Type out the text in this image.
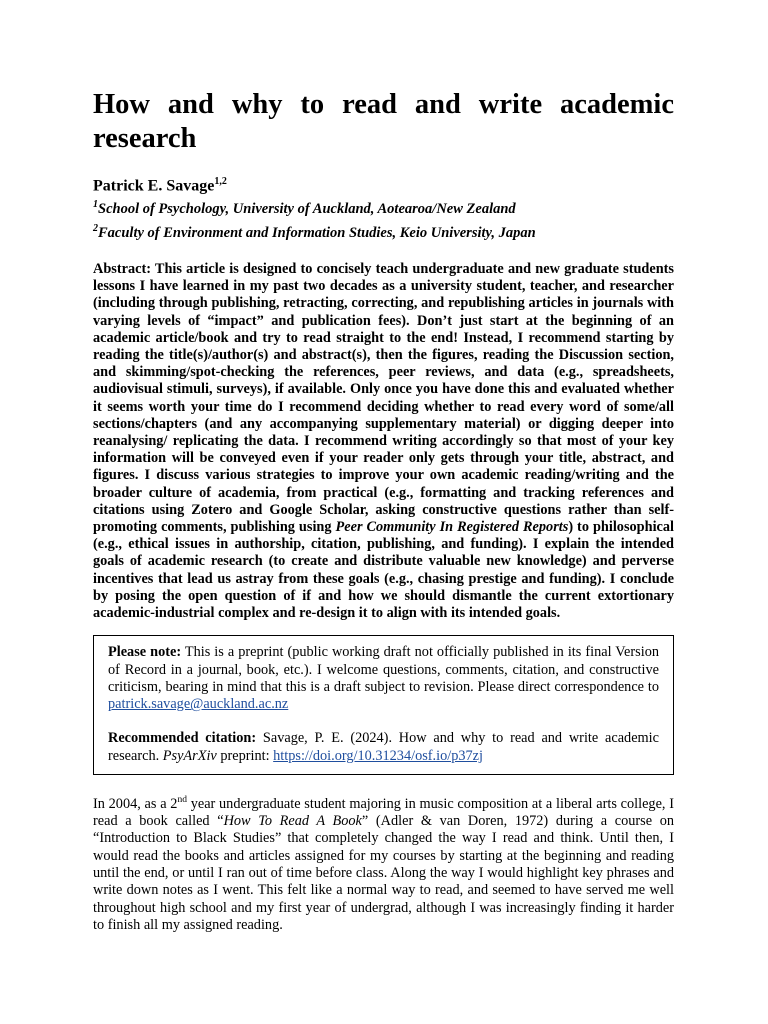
How and why to read and write academic research
Patrick E. Savage$^{1,2}$
$^1$School of Psychology, University of Auckland, Aotearoa/New Zealand
$^2$Faculty of Environment and Information Studies, Keio University, Japan
Abstract: This article is designed to concisely teach undergraduate and new graduate students lessons I have learned in my past two decades as a university student, teacher, and researcher (including through publishing, retracting, correcting, and republishing articles in journals with varying levels of “impact” and publication fees). Don’t just start at the beginning of an academic article/book and try to read straight to the end! Instead, I recommend starting by reading the title(s)/author(s) and abstract(s), then the figures, reading the Discussion section, and skimming/spot-checking the references, peer reviews, and data (e.g., spreadsheets, audiovisual stimuli, surveys), if available. Only once you have done this and evaluated whether it seems worth your time do I recommend deciding whether to read every word of some/all sections/chapters (and any accompanying supplementary material) or digging deeper into reanalysing/ replicating the data. I recommend writing accordingly so that most of your key information will be conveyed even if your reader only gets through your title, abstract, and figures. I discuss various strategies to improve your own academic reading/writing and the broader culture of academia, from practical (e.g., formatting and tracking references and citations using Zotero and Google Scholar, asking constructive questions rather than self-promoting comments, publishing using Peer Community In Registered Reports) to philosophical (e.g., ethical issues in authorship, citation, publishing, and funding). I explain the intended goals of academic research (to create and distribute valuable new knowledge) and perverse incentives that lead us astray from these goals (e.g., chasing prestige and funding). I conclude by posing the open question of if and how we should dismantle the current extortionary academic-industrial complex and re-design it to align with its intended goals.

Please note: This is a preprint (public working draft not officially published in its final Version of Record in a journal, book, etc.). I welcome questions, comments, citation, and constructive criticism, bearing in mind that this is a draft subject to revision. Please direct correspondence to patrick.savage@auckland.ac.nz

Recommended citation: Savage, P. E. (2024). How and why to read and write academic research. PsyArXiv preprint: https://doi.org/10.31234/osf.io/p37zj

In 2004, as a 2nd year undergraduate student majoring in music composition at a liberal arts college, I read a book called “How To Read A Book” (Adler & van Doren, 1972) during a course on “Introduction to Black Studies” that completely changed the way I read and think. Until then, I would read the books and articles assigned for my courses by starting at the beginning and reading until the end, or until I ran out of time before class. Along the way I would highlight key phrases and write down notes as I went. This felt like a normal way to read, and seemed to have served me well throughout high school and my first year of undergrad, although I was increasingly finding it harder to finish all my assigned reading.
